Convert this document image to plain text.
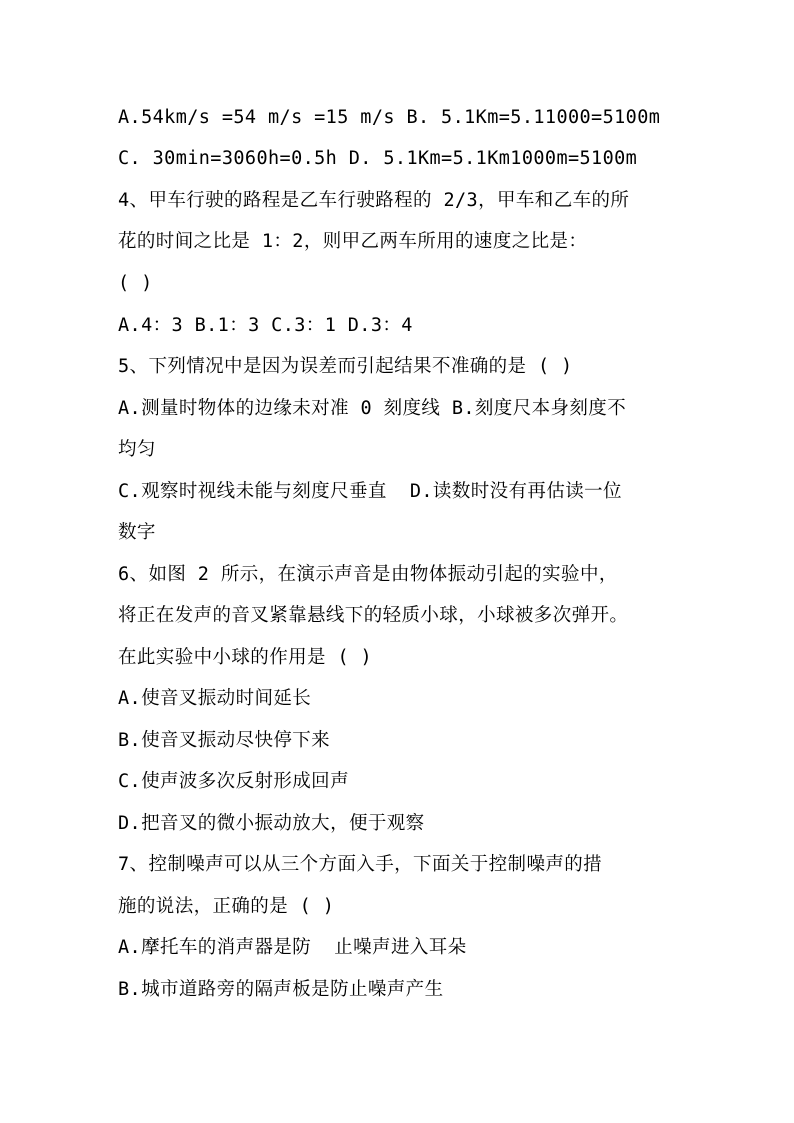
A.54km/s =54 m/s =15 m/s B. 5.1Km=5.11000=5100m
C. 30min=3060h=0.5h D. 5.1Km=5.1Km1000m=5100m
4、甲车行驶的路程是乙车行驶路程的 2/3，甲车和乙车的所
花的时间之比是 1：2，则甲乙两车所用的速度之比是：
( )
A.4：3 B.1：3 C.3：1 D.3：4
5、下列情况中是因为误差而引起结果不准确的是 ( )
A.测量时物体的边缘未对准 0 刻度线 B.刻度尺本身刻度不
均匀
C.观察时视线未能与刻度尺垂直  D.读数时没有再估读一位
数字
6、如图 2 所示，在演示声音是由物体振动引起的实验中，
将正在发声的音叉紧靠悬线下的轻质小球，小球被多次弹开。
在此实验中小球的作用是 ( )
A.使音叉振动时间延长
B.使音叉振动尽快停下来
C.使声波多次反射形成回声
D.把音叉的微小振动放大，便于观察
7、控制噪声可以从三个方面入手，下面关于控制噪声的措
施的说法，正确的是 ( )
A.摩托车的消声器是防  止噪声进入耳朵
B.城市道路旁的隔声板是防止噪声产生
